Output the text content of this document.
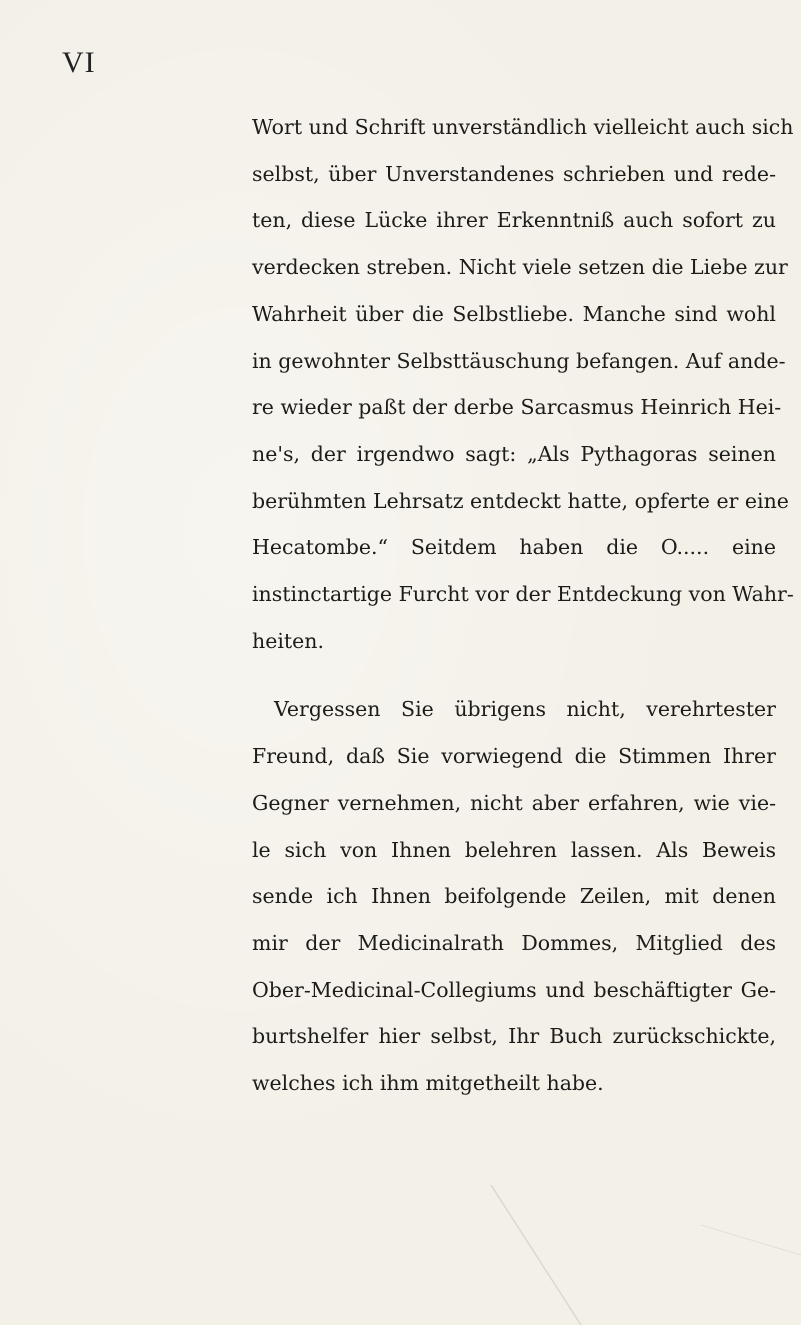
VI
Wort und Schrift unverständlich vielleicht auch sich
selbst, über Unverstandenes schrieben und rede-
ten, diese Lücke ihrer Erkenntniß auch sofort zu
verdecken streben. Nicht viele setzen die Liebe zur
Wahrheit über die Selbstliebe. Manche sind wohl
in gewohnter Selbsttäuschung befangen. Auf ande-
re wieder paßt der derbe Sarcasmus Heinrich Hei-
ne's, der irgendwo sagt: „Als Pythagoras seinen
berühmten Lehrsatz entdeckt hatte, opferte er eine
Hecatombe.“ Seitdem haben die O..... eine
instinctartige Furcht vor der Entdeckung von Wahr-
heiten.
Vergessen Sie übrigens nicht, verehrtester
Freund, daß Sie vorwiegend die Stimmen Ihrer
Gegner vernehmen, nicht aber erfahren, wie vie-
le sich von Ihnen belehren lassen. Als Beweis
sende ich Ihnen beifolgende Zeilen, mit denen
mir der Medicinalrath Dommes, Mitglied des
Ober-Medicinal-Collegiums und beschäftigter Ge-
burtshelfer hier selbst, Ihr Buch zurückschickte,
welches ich ihm mitgetheilt habe.
